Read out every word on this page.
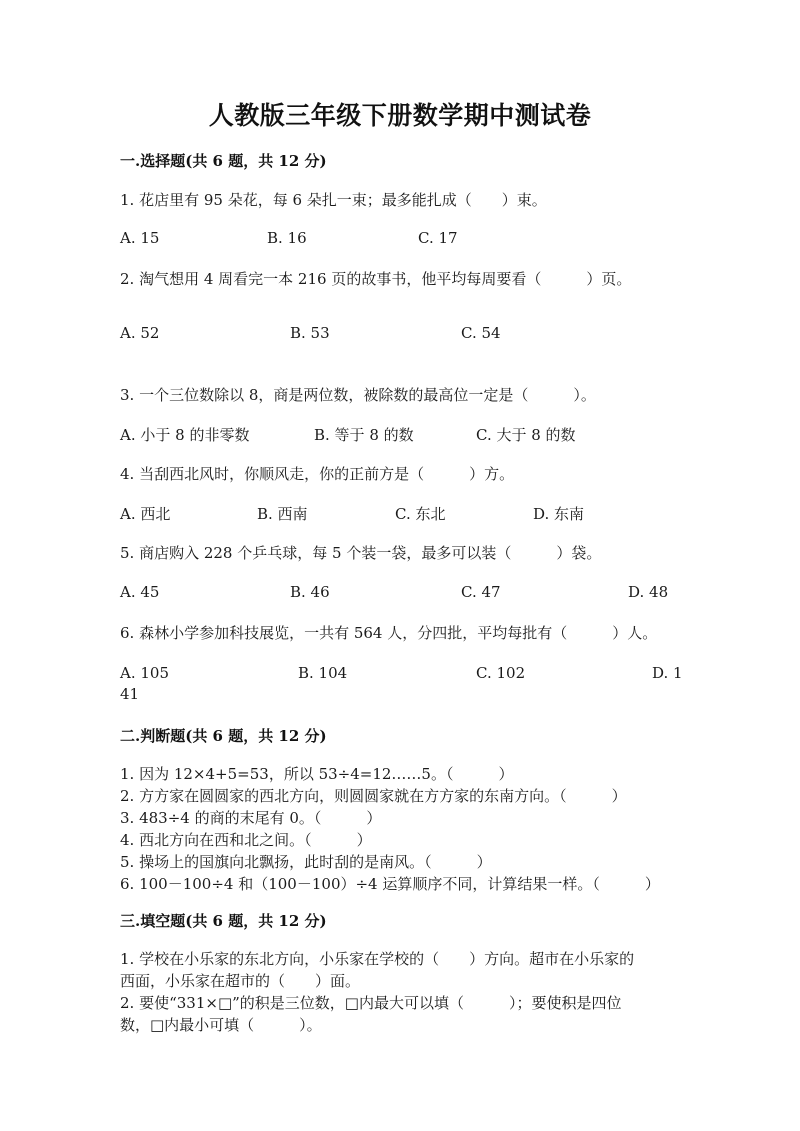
人教版三年级下册数学期中测试卷
一.选择题(共 6 题，共 12 分)
1. 花店里有 95 朵花，每 6 朵扎一束；最多能扎成（　　）束。
A. 15	B. 16	C. 17
2. 淘气想用 4 周看完一本 216 页的故事书，他平均每周要看（　　　）页。
A. 52	B. 53	C. 54
3. 一个三位数除以 8，商是两位数，被除数的最高位一定是（　　　）。
A. 小于 8 的非零数	B. 等于 8 的数	C. 大于 8 的数
4. 当刮西北风时，你顺风走，你的正前方是（　　　）方。
A. 西北	B. 西南	C. 东北	D. 东南
5. 商店购入 228 个乒乓球，每 5 个装一袋，最多可以装（　　　）袋。
A. 45	B. 46	C. 47	D. 48
6. 森林小学参加科技展览，一共有 564 人，分四批，平均每批有（　　　）人。
A. 105	B. 104	C. 102	D. 1
41
二.判断题(共 6 题，共 12 分)
1. 因为 12×4+5=53，所以 53÷4=12……5。（　　　）
2. 方方家在圆圆家的西北方向，则圆圆家就在方方家的东南方向。（　　　）
3. 483÷4 的商的末尾有 0。（　　　）
4. 西北方向在西和北之间。（　　　）
5. 操场上的国旗向北飘扬，此时刮的是南风。（　　　）
6. 100－100÷4 和（100－100）÷4 运算顺序不同，计算结果一样。（　　　）
三.填空题(共 6 题，共 12 分)
1. 学校在小乐家的东北方向，小乐家在学校的（　　）方向。超市在小乐家的
西面，小乐家在超市的（　　）面。
2. 要使“331×□”的积是三位数，□内最大可以填（　　　）；要使积是四位
数，□内最小可填（　　　）。
